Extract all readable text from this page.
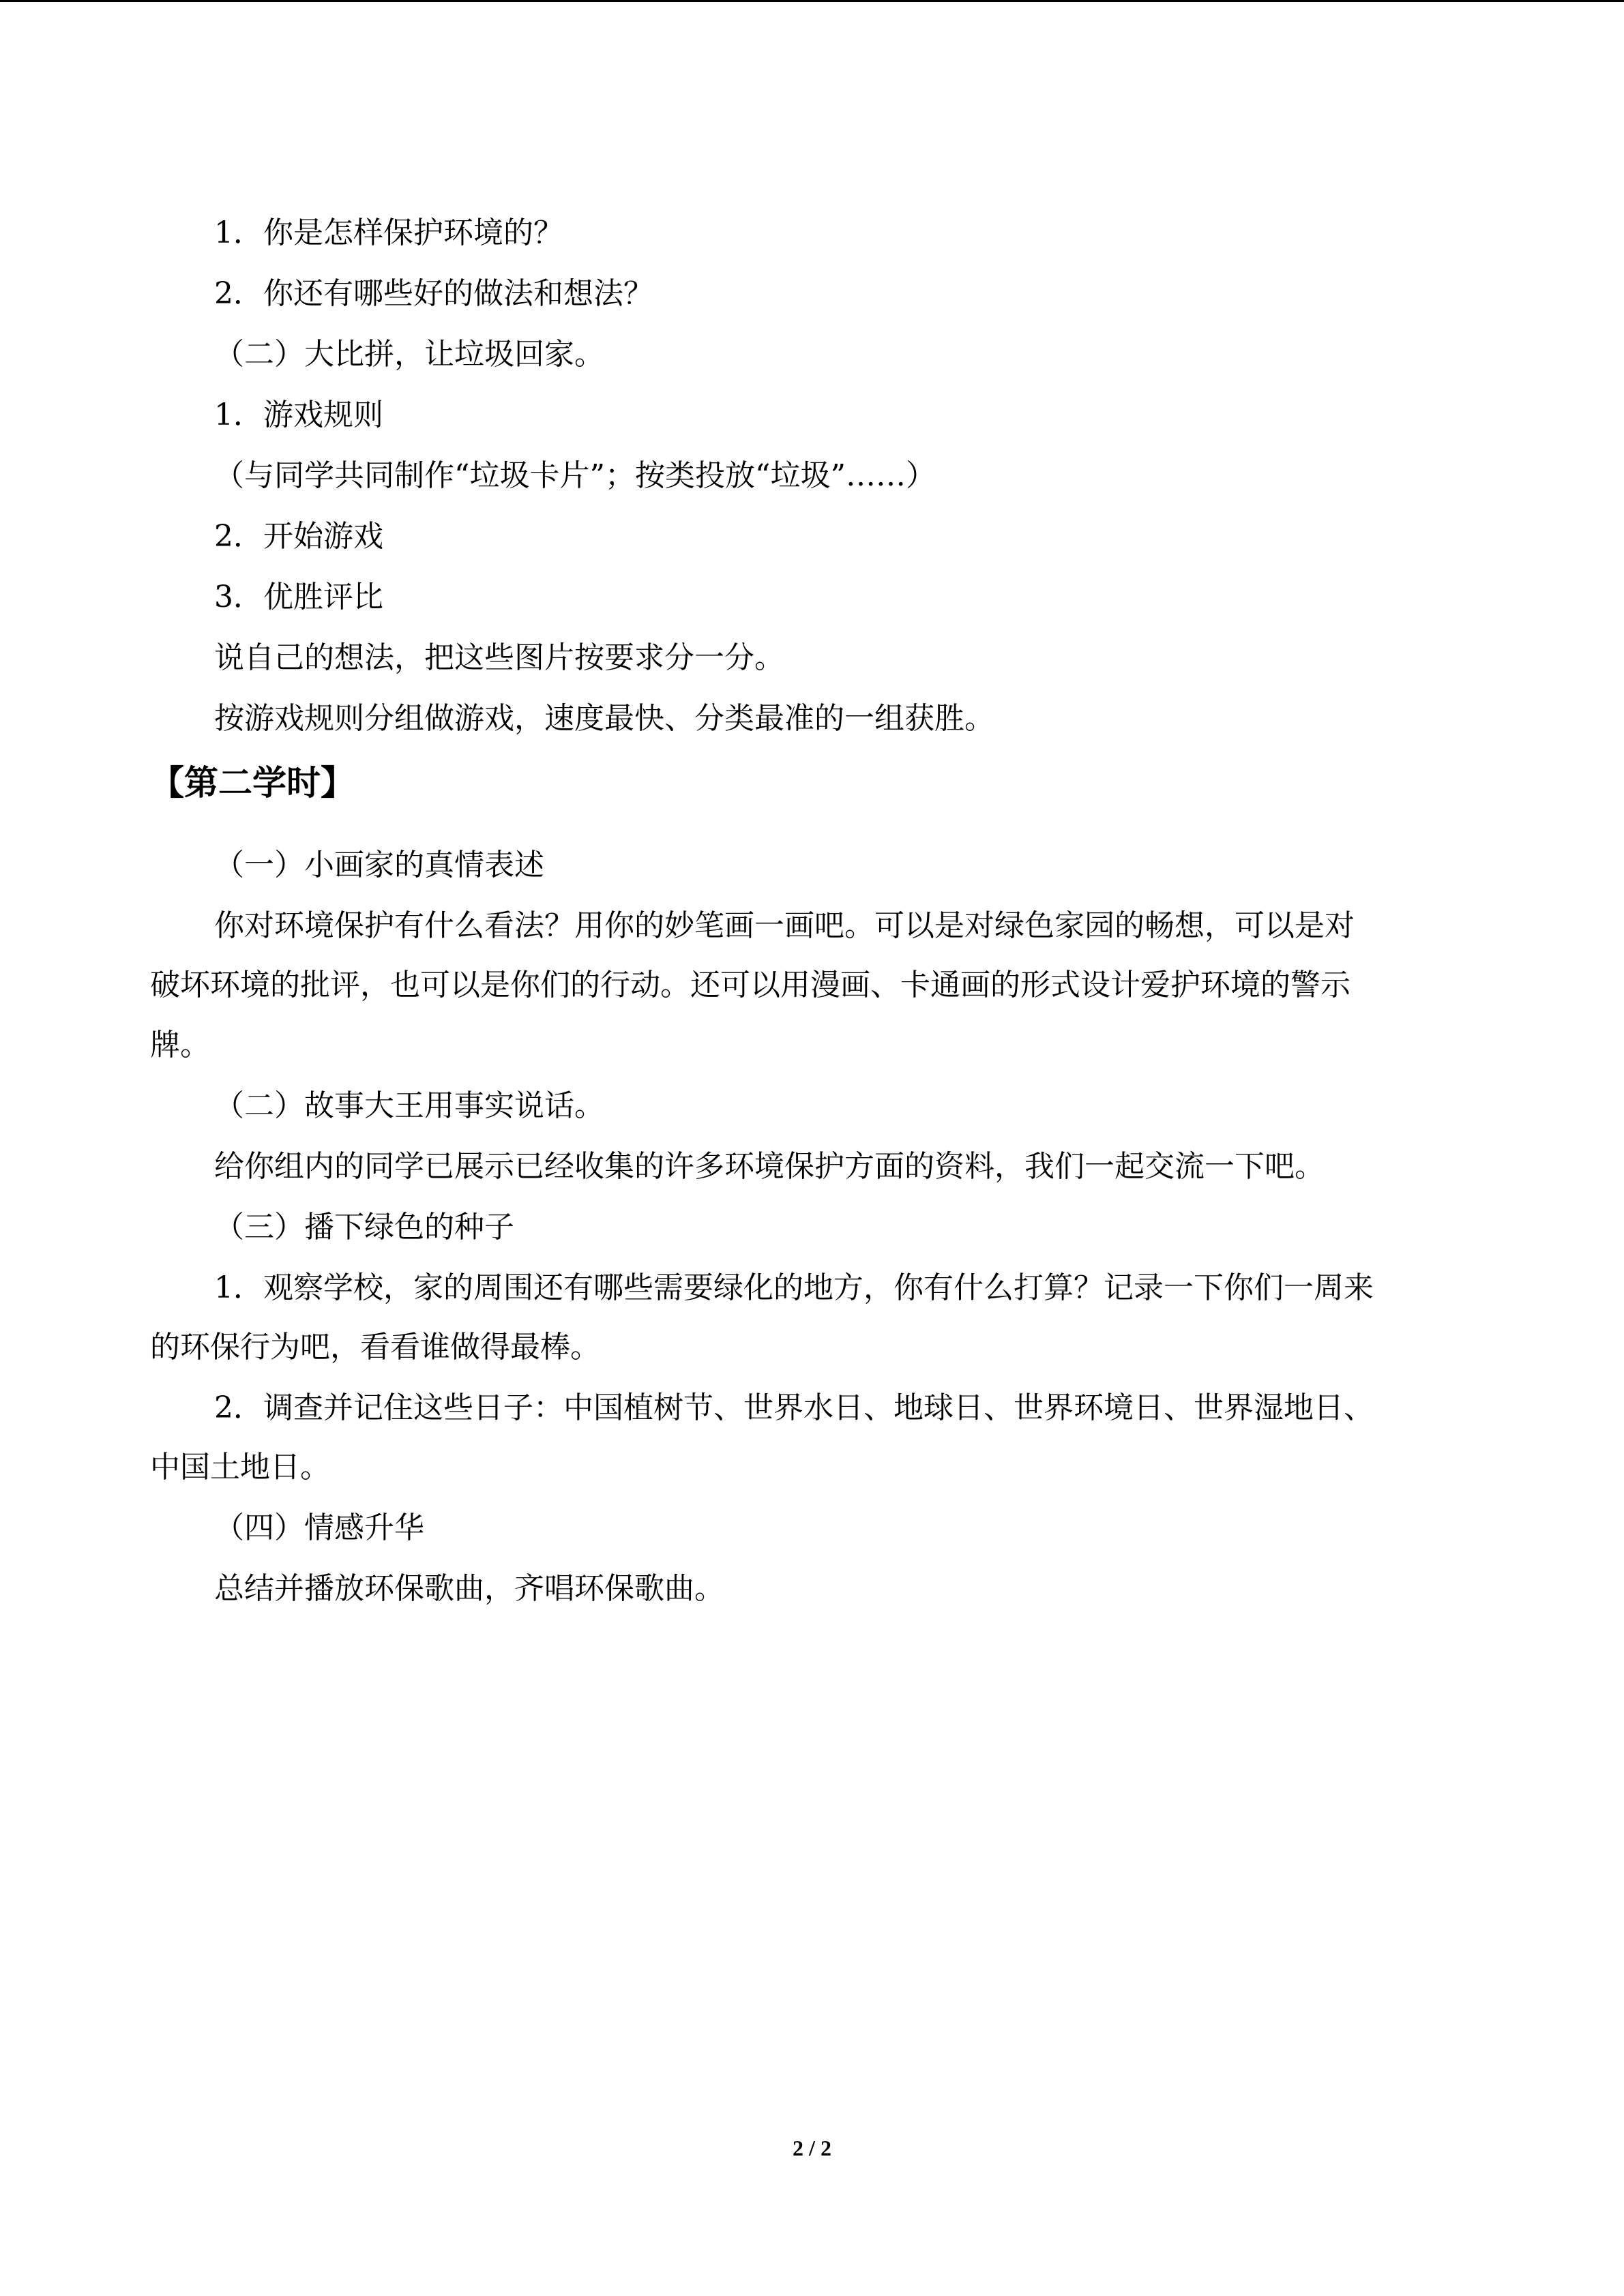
1．你是怎样保护环境的？
2．你还有哪些好的做法和想法？
（二）大比拼，让垃圾回家。
1．游戏规则
（与同学共同制作“垃圾卡片”；按类投放“垃圾”……）
2．开始游戏
3．优胜评比
说自己的想法，把这些图片按要求分一分。
按游戏规则分组做游戏，速度最快、分类最准的一组获胜。
【第二学时】
（一）小画家的真情表述
你对环境保护有什么看法？用你的妙笔画一画吧。可以是对绿色家园的畅想，可以是对
破坏环境的批评，也可以是你们的行动。还可以用漫画、卡通画的形式设计爱护环境的警示
牌。
（二）故事大王用事实说话。
给你组内的同学已展示已经收集的许多环境保护方面的资料，我们一起交流一下吧。
（三）播下绿色的种子
1．观察学校，家的周围还有哪些需要绿化的地方，你有什么打算？记录一下你们一周来
的环保行为吧，看看谁做得最棒。
2．调查并记住这些日子：中国植树节、世界水日、地球日、世界环境日、世界湿地日、
中国土地日。
（四）情感升华
总结并播放环保歌曲，齐唱环保歌曲。
2 / 2
